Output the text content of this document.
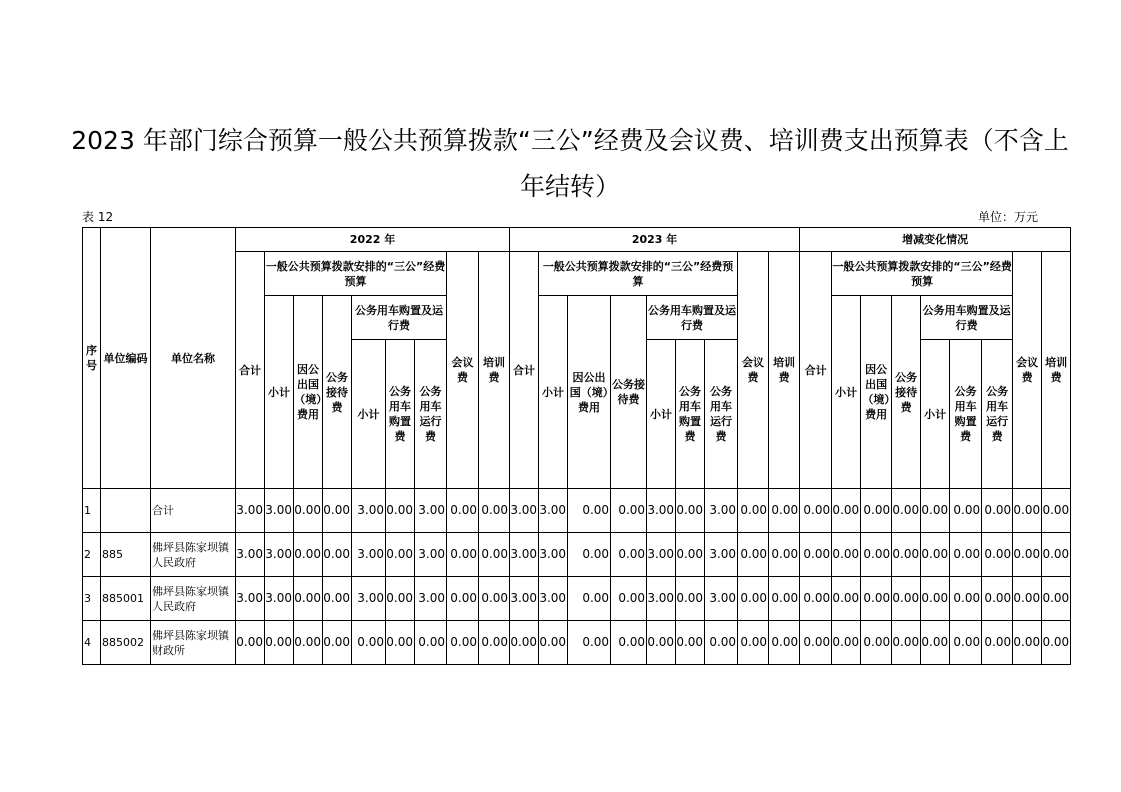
2023 年部门综合预算一般公共预算拨款“三公”经费及会议费、培训费支出预算表（不含上年结转）
表 12	单位：万元
序号	单位编码	单位名称	2022 年									2023 年									增减变化情况								
			合计	一般公共预算拨款安排的“三公”经费预算						会议费	培训费	合计	一般公共预算拨款安排的“三公”经费预算						会议费	培训费	合计	一般公共预算拨款安排的“三公”经费预算						会议费	培训费
				小计	因公出国（境）费用	公务接待费	公务用车购置及运行费						小计	因公出国（境）费用	公务接待费	公务用车购置及运行费						小计	因公出国（境）费用	公务接待费	公务用车购置及运行费				
							小计	公务用车购置费	公务用车运行费							小计	公务用车购置费	公务用车运行费							小计	公务用车购置费	公务用车运行费		
1		合计	3.00	3.00	0.00	0.00	3.00	0.00	3.00	0.00	0.00	3.00	3.00	0.00	0.00	3.00	0.00	3.00	0.00	0.00	0.00	0.00	0.00	0.00	0.00	0.00	0.00	0.00	0.00
2	885	佛坪县陈家坝镇人民政府	3.00	3.00	0.00	0.00	3.00	0.00	3.00	0.00	0.00	3.00	3.00	0.00	0.00	3.00	0.00	3.00	0.00	0.00	0.00	0.00	0.00	0.00	0.00	0.00	0.00	0.00	0.00
3	885001	佛坪县陈家坝镇人民政府	3.00	3.00	0.00	0.00	3.00	0.00	3.00	0.00	0.00	3.00	3.00	0.00	0.00	3.00	0.00	3.00	0.00	0.00	0.00	0.00	0.00	0.00	0.00	0.00	0.00	0.00	0.00
4	885002	佛坪县陈家坝镇财政所	0.00	0.00	0.00	0.00	0.00	0.00	0.00	0.00	0.00	0.00	0.00	0.00	0.00	0.00	0.00	0.00	0.00	0.00	0.00	0.00	0.00	0.00	0.00	0.00	0.00	0.00	0.00
